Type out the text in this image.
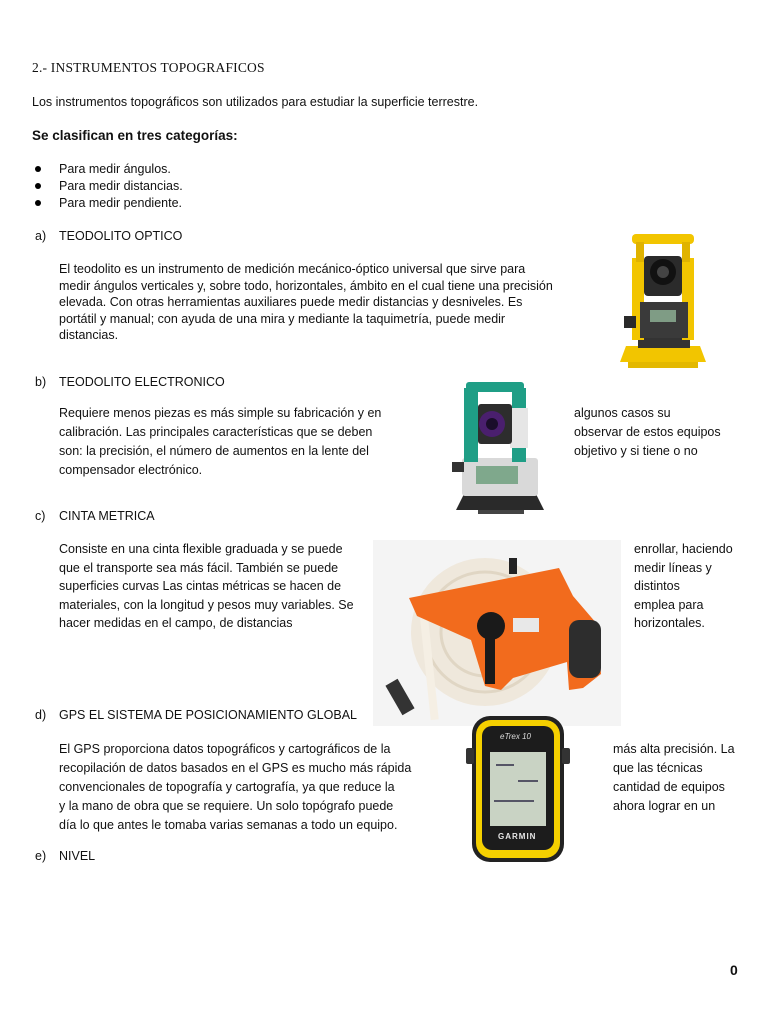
2.- INSTRUMENTOS TOPOGRAFICOS
Los instrumentos topográficos son utilizados para estudiar la superficie terrestre.
Se clasifican en tres categorías:
Para medir ángulos.
Para medir distancias.
Para medir pendiente.
a) TEODOLITO OPTICO
El teodolito es un instrumento de medición mecánico-óptico universal que sirve para
medir ángulos verticales y, sobre todo, horizontales, ámbito en el cual tiene una precisión
elevada. Con otras herramientas auxiliares puede medir distancias y desniveles. Es
portátil y manual; con ayuda de una mira y mediante la taquimetría, puede medir
distancias.
b) TEODOLITO ELECTRONICO
Requiere menos piezas es más simple su fabricación y en
calibración. Las principales características que se deben
son: la precisión, el número de aumentos en la lente del
compensador electrónico.
algunos casos su
observar de estos equipos
objetivo y si tiene o no
c) CINTA METRICA
Consiste en una cinta flexible graduada y se puede
que el transporte sea más fácil. También se puede
superficies curvas Las cintas métricas se hacen de
materiales, con la longitud y pesos muy variables. Se
hacer medidas en el campo, de distancias
enrollar, haciendo
medir líneas y
distintos
emplea para
horizontales.
d) GPS EL SISTEMA DE POSICIONAMIENTO GLOBAL
El GPS proporciona datos topográficos y cartográficos de la
recopilación de datos basados en el GPS es mucho más rápida
convencionales de topografía y cartografía, ya que reduce la
y la mano de obra que se requiere. Un solo topógrafo puede
día lo que antes le tomaba varias semanas a todo un equipo.
más alta precisión. La
que las técnicas
cantidad de equipos
ahora lograr en un
eTrex 10
GARMIN
e) NIVEL
0
